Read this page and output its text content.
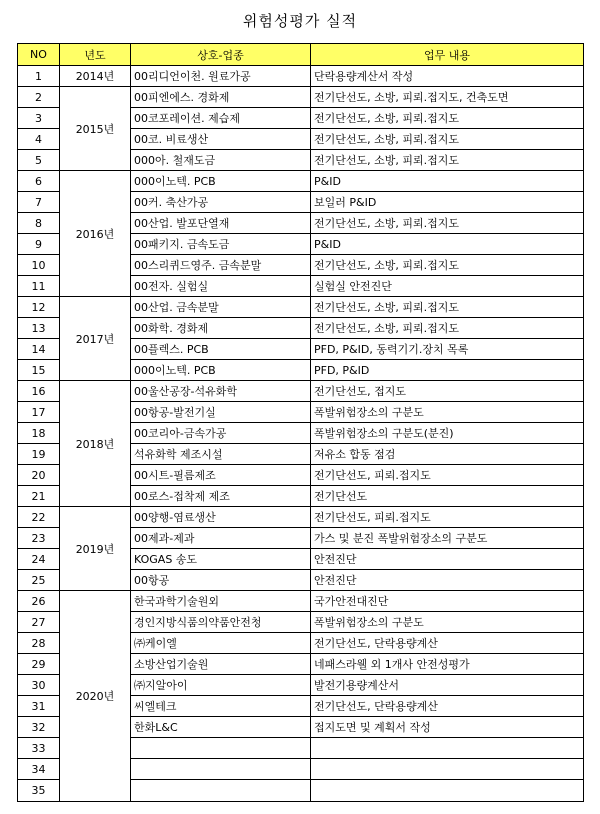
위험성평가 실적
NO	년도	상호-업종	업무 내용
1	2014년	00리디언이천. 원료가공	단락용량계산서 작성
2	2015년	00피엔에스. 경화제	전기단선도, 소방, 피뢰.접지도, 건축도면
3		00코포레이션. 제습제	전기단선도, 소방, 피뢰.접지도
4		00코. 비료생산	전기단선도, 소방, 피뢰.접지도
5		000아. 철재도금	전기단선도, 소방, 피뢰.접지도
6	2016년	000이노텍. PCB	P&ID
7		00커. 축산가공	보일러 P&ID
8		00산업. 발포단열재	전기단선도, 소방, 피뢰.접지도
9		00패키지. 금속도금	P&ID
10		00스리퀴드영주. 금속분말	전기단선도, 소방, 피뢰.접지도
11		00전자. 실험실	실험실 안전진단
12	2017년	00산업. 금속분말	전기단선도, 소방, 피뢰.접지도
13		00화학. 경화제	전기단선도, 소방, 피뢰.접지도
14		00플렉스. PCB	PFD, P&ID, 동력기기.장치 목록
15		000이노텍. PCB	PFD, P&ID
16	2018년	00울산공장-석유화학	전기단선도, 접지도
17		00항공-발전기실	폭발위험장소의 구분도
18		00코리아-금속가공	폭발위험장소의 구분도(분진)
19		석유화학 제조시설	저유소 합동 점검
20		00시트-필름제조	전기단선도, 피뢰.접지도
21		00로스-접착제 제조	전기단선도
22	2019년	00양행-염료생산	전기단선도, 피뢰.접지도
23		00제과-제과	가스 및 분진 폭발위험장소의 구분도
24		KOGAS 송도	안전진단
25		00항공	안전진단
26	2020년	한국과학기술원외	국가안전대진단
27		경인지방식품의약품안전청	폭발위험장소의 구분도
28		㈜케이엘	전기단선도, 단락용량계산
29		소방산업기술원	네패스라웰 외 1개사 안전성평가
30		㈜지알아이	발전기용량계산서
31		씨엘테크	전기단선도, 단락용량계산
32		한화L&C	접지도면 및 계획서 작성
33			
34			
35			
